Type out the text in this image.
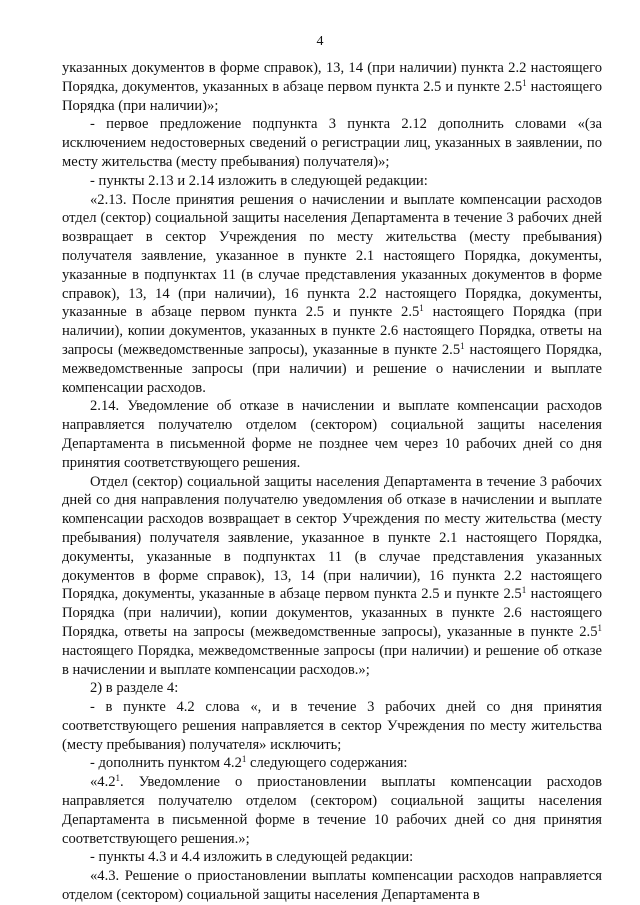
4

указанных документов в форме справок), 13, 14 (при наличии) пункта 2.2 настоящего Порядка, документов, указанных в абзаце первом пункта 2.5 и пункте $2.5^1$ настоящего Порядка (при наличии)»;

- первое предложение подпункта 3 пункта 2.12 дополнить словами «(за исключением недостоверных сведений о регистрации лиц, указанных в заявлении, по месту жительства (месту пребывания) получателя)»;

- пункты 2.13 и 2.14 изложить в следующей редакции:

«2.13. После принятия решения о начислении и выплате компенсации расходов отдел (сектор) социальной защиты населения Департамента в течение 3 рабочих дней возвращает в сектор Учреждения по месту жительства (месту пребывания) получателя заявление, указанное в пункте 2.1 настоящего Порядка, документы, указанные в подпунктах 11 (в случае представления указанных документов в форме справок), 13, 14 (при наличии), 16 пункта 2.2 настоящего Порядка, документы, указанные в абзаце первом пункта 2.5 и пункте $2.5^1$ настоящего Порядка (при наличии), копии документов, указанных в пункте 2.6 настоящего Порядка, ответы на запросы (межведомственные запросы), указанные в пункте $2.5^1$ настоящего Порядка, межведомственные запросы (при наличии) и решение о начислении и выплате компенсации расходов.

2.14. Уведомление об отказе в начислении и выплате компенсации расходов направляется получателю отделом (сектором) социальной защиты населения Департамента в письменной форме не позднее чем через 10 рабочих дней со дня принятия соответствующего решения.

Отдел (сектор) социальной защиты населения Департамента в течение 3 рабочих дней со дня направления получателю уведомления об отказе в начислении и выплате компенсации расходов возвращает в сектор Учреждения по месту жительства (месту пребывания) получателя заявление, указанное в пункте 2.1 настоящего Порядка, документы, указанные в подпунктах 11 (в случае представления указанных документов в форме справок), 13, 14 (при наличии), 16 пункта 2.2 настоящего Порядка, документы, указанные в абзаце первом пункта 2.5 и пункте $2.5^1$ настоящего Порядка (при наличии), копии документов, указанных в пункте 2.6 настоящего Порядка, ответы на запросы (межведомственные запросы), указанные в пункте $2.5^1$ настоящего Порядка, межведомственные запросы (при наличии) и решение об отказе в начислении и выплате компенсации расходов.»;

2) в разделе 4:

- в пункте 4.2 слова «, и в течение 3 рабочих дней со дня принятия соответствующего решения направляется в сектор Учреждения по месту жительства (месту пребывания) получателя» исключить;

- дополнить пунктом $4.2^1$ следующего содержания:

«$4.2^1$. Уведомление о приостановлении выплаты компенсации расходов направляется получателю отделом (сектором) социальной защиты населения Департамента в письменной форме в течение 10 рабочих дней со дня принятия соответствующего решения.»;

- пункты 4.3 и 4.4 изложить в следующей редакции:

«4.3. Решение о приостановлении выплаты компенсации расходов направляется отделом (сектором) социальной защиты населения Департамента в
